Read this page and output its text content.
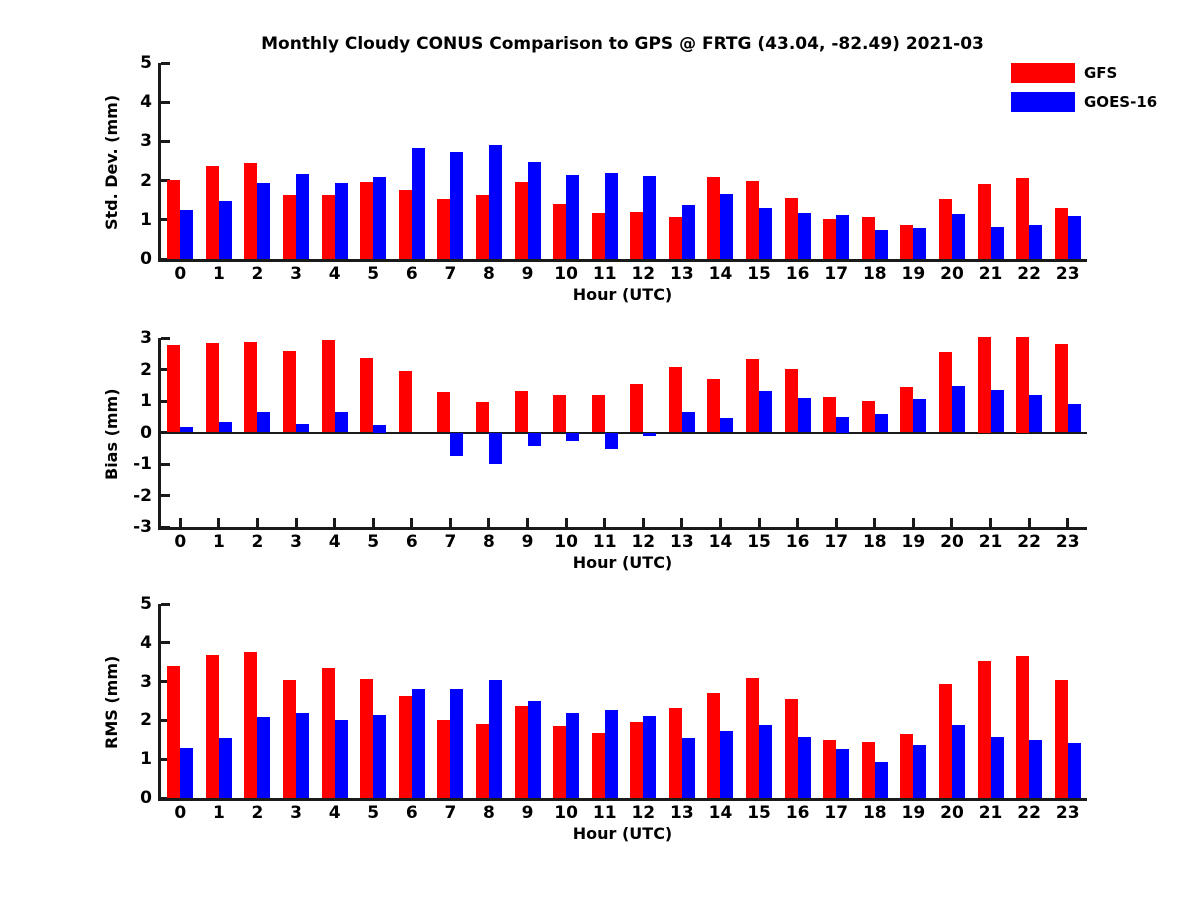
Monthly Cloudy CONUS Comparison to GPS @ FRTG (43.04, -82.49) 2021-03
GFS
GOES-16
Std. Dev. (mm)
0
1
2
3
4
5
0	1	2	3	4	5	6	7	8	9	10 11 12 13 14 15 16 17 18 19 20 21 22 23
Hour (UTC)
Bias (mm)
-3
-2
-1
0
1
2
3
0	1	2	3	4	5	6	7	8	9	10 11 12 13 14 15 16 17 18 19 20 21 22 23
Hour (UTC)
RMS (mm)
0
1
2
3
4
5
0	1	2	3	4	5	6	7	8	9	10 11 12 13 14 15 16 17 18 19 20 21 22 23
Hour (UTC)
